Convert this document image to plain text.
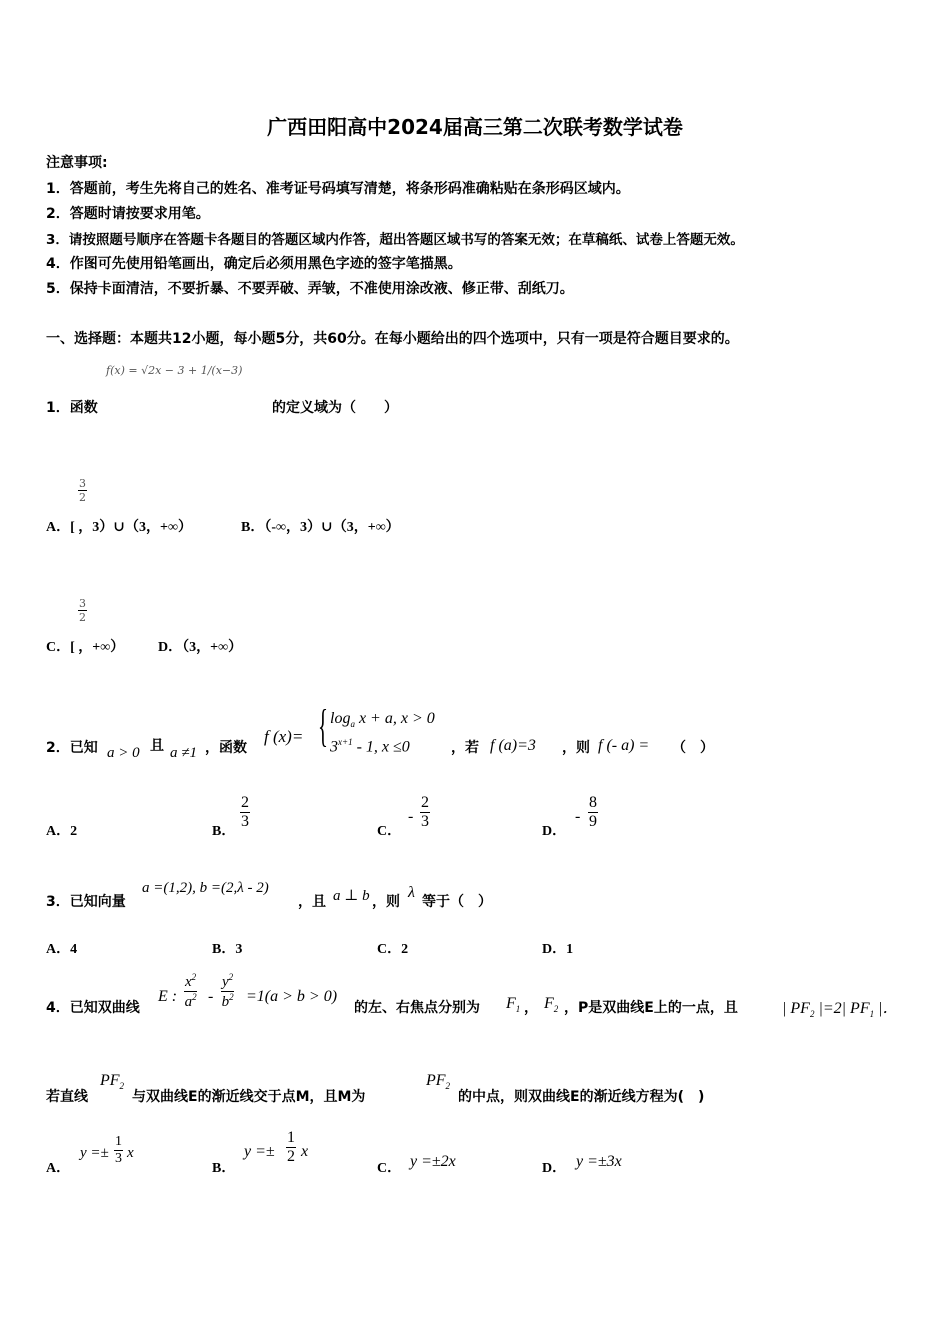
广西田阳高中2024届高三第二次联考数学试卷
注意事项:
1．答题前，考生先将自己的姓名、准考证号码填写清楚，将条形码准确粘贴在条形码区域内。
2．答题时请按要求用笔。
3．请按照题号顺序在答题卡各题目的答题区域内作答，超出答题区域书写的答案无效；在草稿纸、试卷上答题无效。
4．作图可先使用铅笔画出，确定后必须用黑色字迹的签字笔描黑。
5．保持卡面清洁，不要折暴、不要弄破、弄皱，不准使用涂改液、修正带、刮纸刀。
一、选择题：本题共12小题，每小题5分，共60分。在每小题给出的四个选项中，只有一项是符合题目要求的。
𝑓(𝑥) = √2𝑥 − 3 + 1/(𝑥−3)
1．函数	的定义域为（　　）
$\frac{3}{2}$
A．[ ，3）∪（3，+∞）	B．（-∞，3）∪（3，+∞）
$\frac{3}{2}$
C．[ ，+∞） D．（3，+∞）
2．已知 a > 0 且 a ≠1 ，函数
f (x)= { $\log_a x + a$, x > 0
$3^{x+1} - 1$, x ≤0	，若 f (a)=3 ，则 f (- a) = （　）
A．2	B．
$\frac{2}{3}$
C．
- $\frac{2}{3}$
D．
- $\frac{8}{9}$
3．已知向量
a =(1,2), b =(2,λ - 2)
，且 a ⊥ b ，则
λ
等于（　）
A．4	B．3	C．2	D．1
4．已知双曲线
E : $\frac{x^2}{a^2} - \frac{y^2}{b^2} =1(a > b > 0)$
的左、右焦点分别为 $F_1$ ， $F_2$ ，P是双曲线E上的一点，且	| $PF_2$ |=2| $PF_1$ |．
若直线
$PF_2$
与双曲线E的渐近线交于点M，且M为
$PF_2$
的中点，则双曲线E的渐近线方程为(　)
A．
$y =\pm \frac{1}{3}$ x
B．
$y =\pm \frac{1}{2}$ x
C． y =±2x	D． y =±3x
